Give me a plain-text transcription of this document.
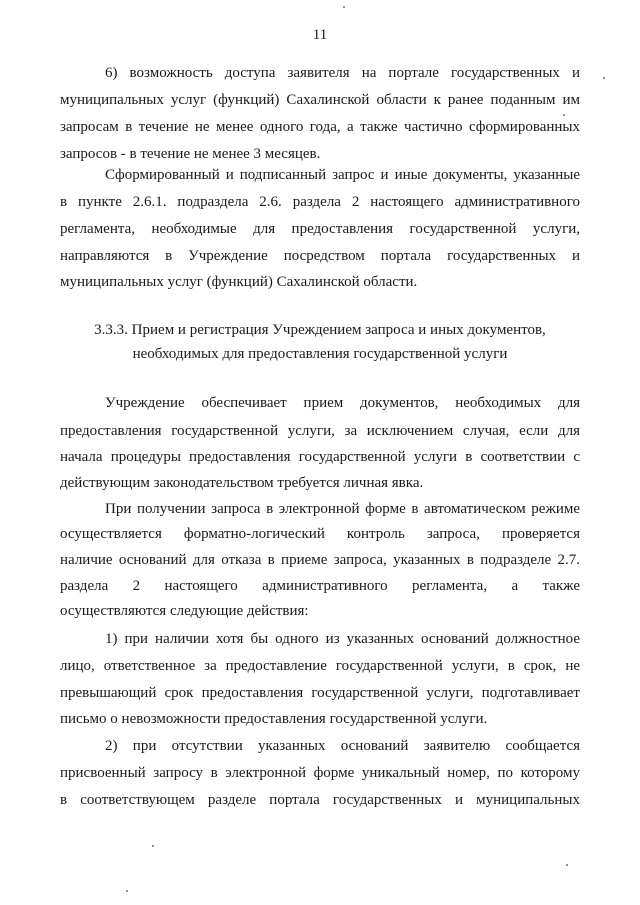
11
6) возможность доступа заявителя на портале государственных и
муниципальных услуг (функций) Сахалинской области к ранее поданным им
запросам в течение не менее одного года, а также частично сформированных
запросов - в течение не менее 3 месяцев.
Сформированный и подписанный запрос и иные документы, указанные
в пункте 2.6.1. подраздела 2.6. раздела 2 настоящего административного
регламента, необходимые для предоставления государственной услуги,
направляются в Учреждение посредством портала государственных и
муниципальных услуг (функций) Сахалинской области.
3.3.3. Прием и регистрация Учреждением запроса и иных документов,
необходимых для предоставления государственной услуги
Учреждение обеспечивает прием документов, необходимых для
предоставления государственной услуги, за исключением случая, если для
начала процедуры предоставления государственной услуги в соответствии с
действующим законодательством требуется личная явка.
При получении запроса в электронной форме в автоматическом режиме
осуществляется форматно-логический контроль запроса, проверяется
наличие оснований для отказа в приеме запроса, указанных в подразделе 2.7.
раздела 2 настоящего административного регламента, а также
осуществляются следующие действия:
1) при наличии хотя бы одного из указанных оснований должностное
лицо, ответственное за предоставление государственной услуги, в срок, не
превышающий срок предоставления государственной услуги, подготавливает
письмо о невозможности предоставления государственной услуги.
2) при отсутствии указанных оснований заявителю сообщается
присвоенный запросу в электронной форме уникальный номер, по которому
в соответствующем разделе портала государственных и муниципальных
